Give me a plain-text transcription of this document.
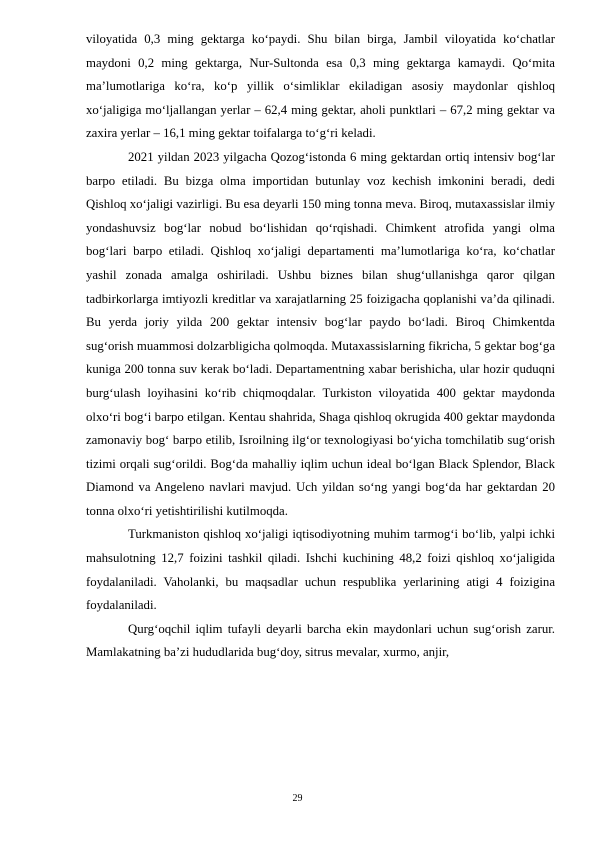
viloyatida 0,3 ming gektarga ko‘paydi. Shu bilan birga, Jambil viloyatida ko‘chatlar maydoni 0,2 ming gektarga, Nur-Sultonda esa 0,3 ming gektarga kamaydi. Qo‘mita ma’lumotlariga ko‘ra, ko‘p yillik o‘simliklar ekiladigan asosiy maydonlar qishloq xo‘jaligiga mo‘ljallangan yerlar – 62,4 ming gektar, aholi punktlari – 67,2 ming gektar va zaxira yerlar – 16,1 ming gektar toifalarga to‘g‘ri keladi.

2021 yildan 2023 yilgacha Qozog‘istonda 6 ming gektardan ortiq intensiv bog‘lar barpo etiladi. Bu bizga olma importidan butunlay voz kechish imkonini beradi, dedi Qishloq xo‘jaligi vazirligi. Bu esa deyarli 150 ming tonna meva. Biroq, mutaxassislar ilmiy yondashuvsiz bog‘lar nobud bo‘lishidan qo‘rqishadi. Chimkent atrofida yangi olma bog‘lari barpo etiladi. Qishloq xo‘jaligi departamenti ma’lumotlariga ko‘ra, ko‘chatlar yashil zonada amalga oshiriladi. Ushbu biznes bilan shug‘ullanishga qaror qilgan tadbirkorlarga imtiyozli kreditlar va xarajatlarning 25 foizigacha qoplanishi va’da qilinadi. Bu yerda joriy yilda 200 gektar intensiv bog‘lar paydo bo‘ladi. Biroq Chimkentda sug‘orish muammosi dolzarbligicha qolmoqda. Mutaxassislarning fikricha, 5 gektar bog‘ga kuniga 200 tonna suv kerak bo‘ladi. Departamentning xabar berishicha, ular hozir quduqni burg‘ulash loyihasini ko‘rib chiqmoqdalar. Turkiston viloyatida 400 gektar maydonda olxo‘ri bog‘i barpo etilgan. Kentau shahrida, Shaga qishloq okrugida 400 gektar maydonda zamonaviy bog‘ barpo etilib, Isroilning ilg‘or texnologiyasi bo‘yicha tomchilatib sug‘orish tizimi orqali sug‘orildi. Bog‘da mahalliy iqlim uchun ideal bo‘lgan Black Splendor, Black Diamond va Angeleno navlari mavjud. Uch yildan so‘ng yangi bog‘da har gektardan 20 tonna olxo‘ri yetishtirilishi kutilmoqda.

Turkmaniston qishloq xo‘jaligi iqtisodiyotning muhim tarmog‘i bo‘lib, yalpi ichki mahsulotning 12,7 foizini tashkil qiladi. Ishchi kuchining 48,2 foizi qishloq xo‘jaligida foydalaniladi. Vaholanki, bu maqsadlar uchun respublika yerlarining atigi 4 foizigina foydalaniladi.

Qurg‘oqchil iqlim tufayli deyarli barcha ekin maydonlari uchun sug‘orish zarur. Mamlakatning ba’zi hududlarida bug‘doy, sitrus mevalar, xurmo, anjir,

29
